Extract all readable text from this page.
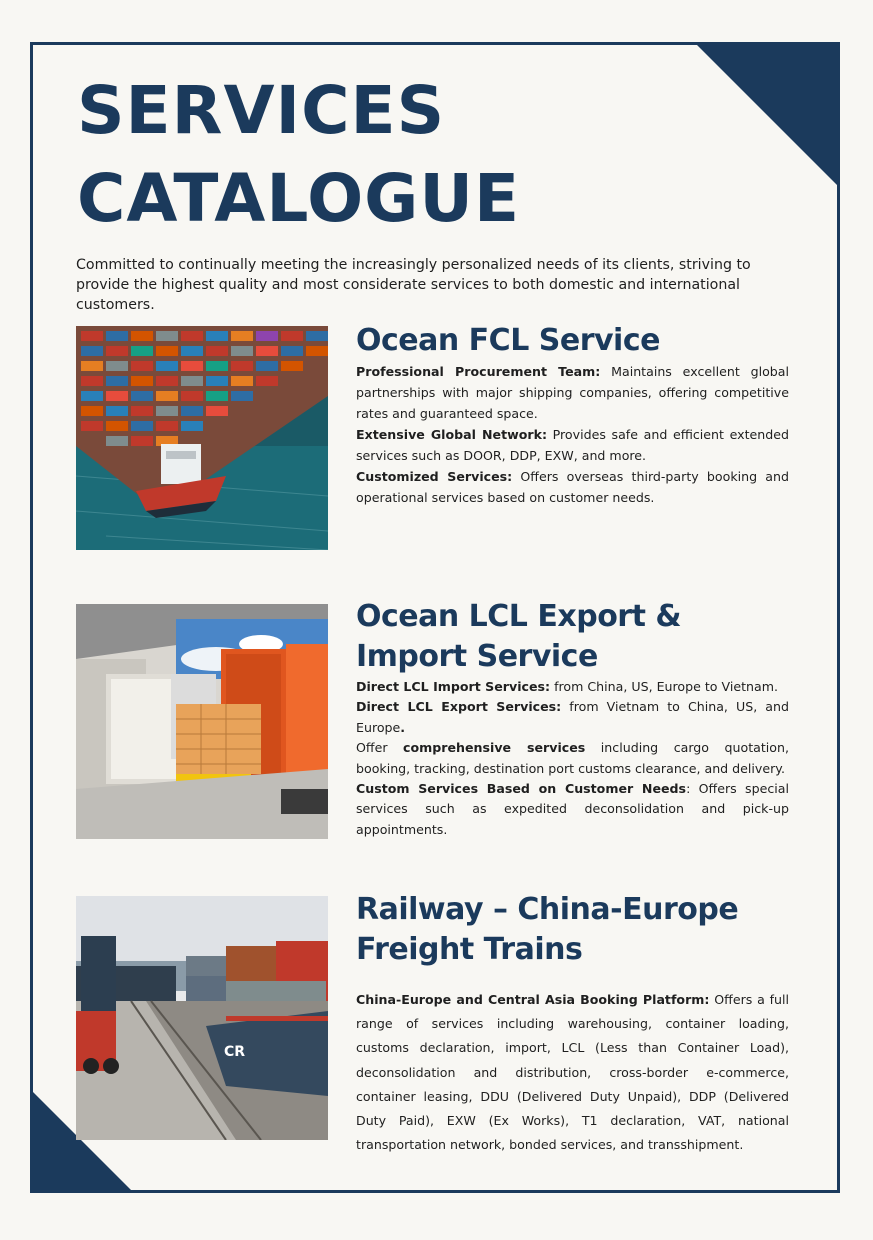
SERVICES
CATALOGUE

Committed to continually meeting the increasingly personalized needs of its clients, striving to provide the highest quality and most considerate services to both domestic and international customers.

Ocean FCL Service

Professional Procurement Team: Maintains excellent global partnerships with major shipping companies, offering competitive rates and guaranteed space.

Extensive Global Network: Provides safe and efficient extended services such as DOOR, DDP, EXW, and more.

Customized Services: Offers overseas third-party booking and operational services based on customer needs.

Ocean LCL Export &
Import Service

Direct LCL Import Services: from China, US, Europe to Vietnam.

Direct LCL Export Services: from Vietnam to China, US, and Europe.

Offer comprehensive services including cargo quotation, booking, tracking, destination port customs clearance, and delivery.

Custom Services Based on Customer Needs: Offers special services such as expedited deconsolidation and pick-up appointments.

CR
Railway – China-Europe
Freight Trains

China-Europe and Central Asia Booking Platform: Offers a full range of services including warehousing, container loading, customs declaration, import, LCL (Less than Container Load), deconsolidation and distribution, cross-border e-commerce, container leasing, DDU (Delivered Duty Unpaid), DDP (Delivered Duty Paid), EXW (Ex Works), T1 declaration, VAT, national transportation network, bonded services, and transshipment.
